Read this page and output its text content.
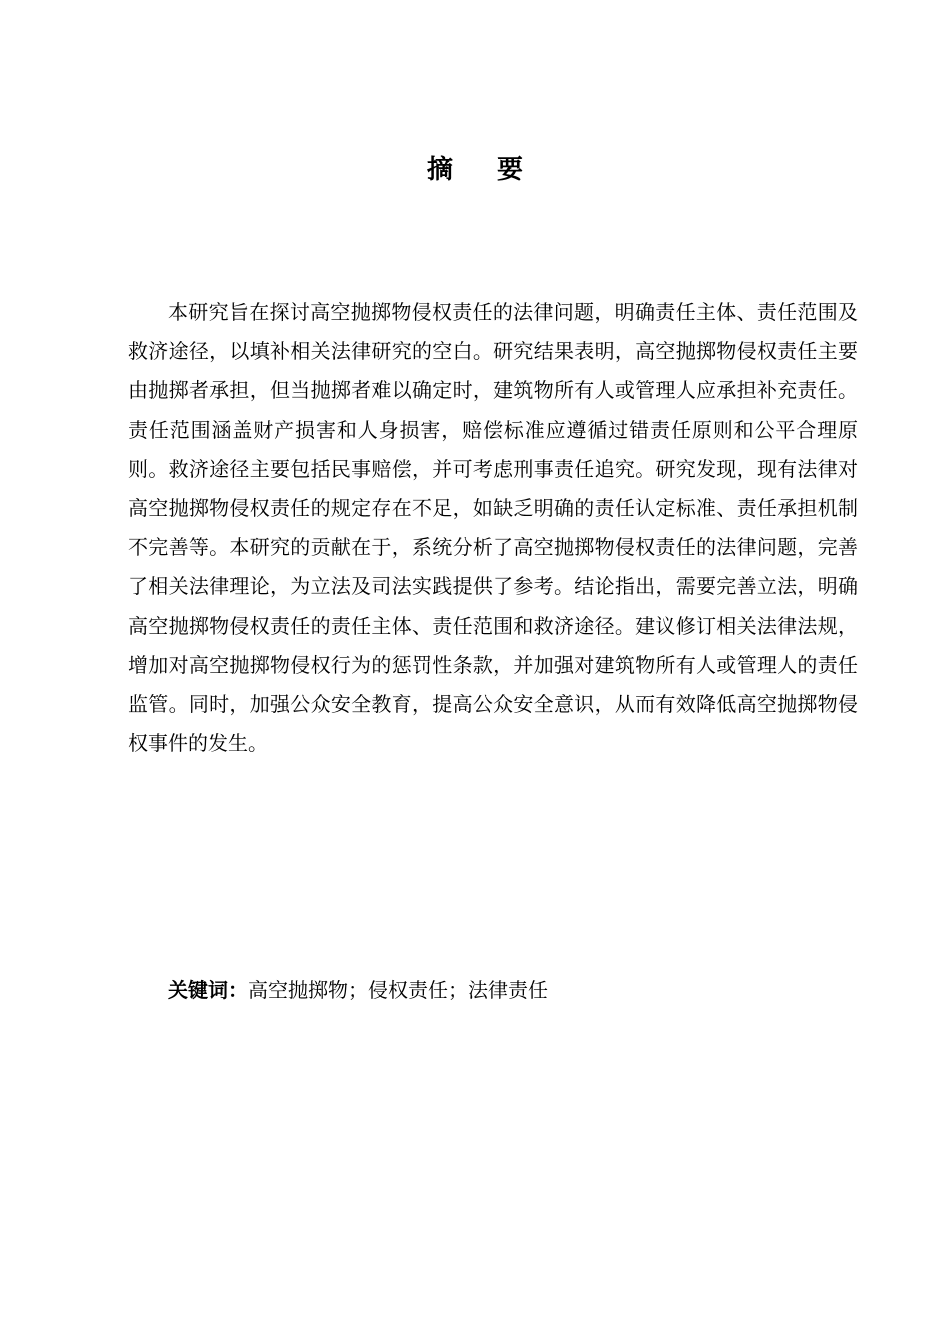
摘要

本研究旨在探讨高空抛掷物侵权责任的法律问题，明确责任主体、责任范围及救济途径，以填补相关法律研究的空白。研究结果表明，高空抛掷物侵权责任主要由抛掷者承担，但当抛掷者难以确定时，建筑物所有人或管理人应承担补充责任。责任范围涵盖财产损害和人身损害，赔偿标准应遵循过错责任原则和公平合理原则。救济途径主要包括民事赔偿，并可考虑刑事责任追究。研究发现，现有法律对高空抛掷物侵权责任的规定存在不足，如缺乏明确的责任认定标准、责任承担机制不完善等。本研究的贡献在于，系统分析了高空抛掷物侵权责任的法律问题，完善了相关法律理论，为立法及司法实践提供了参考。结论指出，需要完善立法，明确高空抛掷物侵权责任的责任主体、责任范围和救济途径。建议修订相关法律法规，增加对高空抛掷物侵权行为的惩罚性条款，并加强对建筑物所有人或管理人的责任监管。同时，加强公众安全教育，提高公众安全意识，从而有效降低高空抛掷物侵权事件的发生。

关键词：高空抛掷物；侵权责任；法律责任
